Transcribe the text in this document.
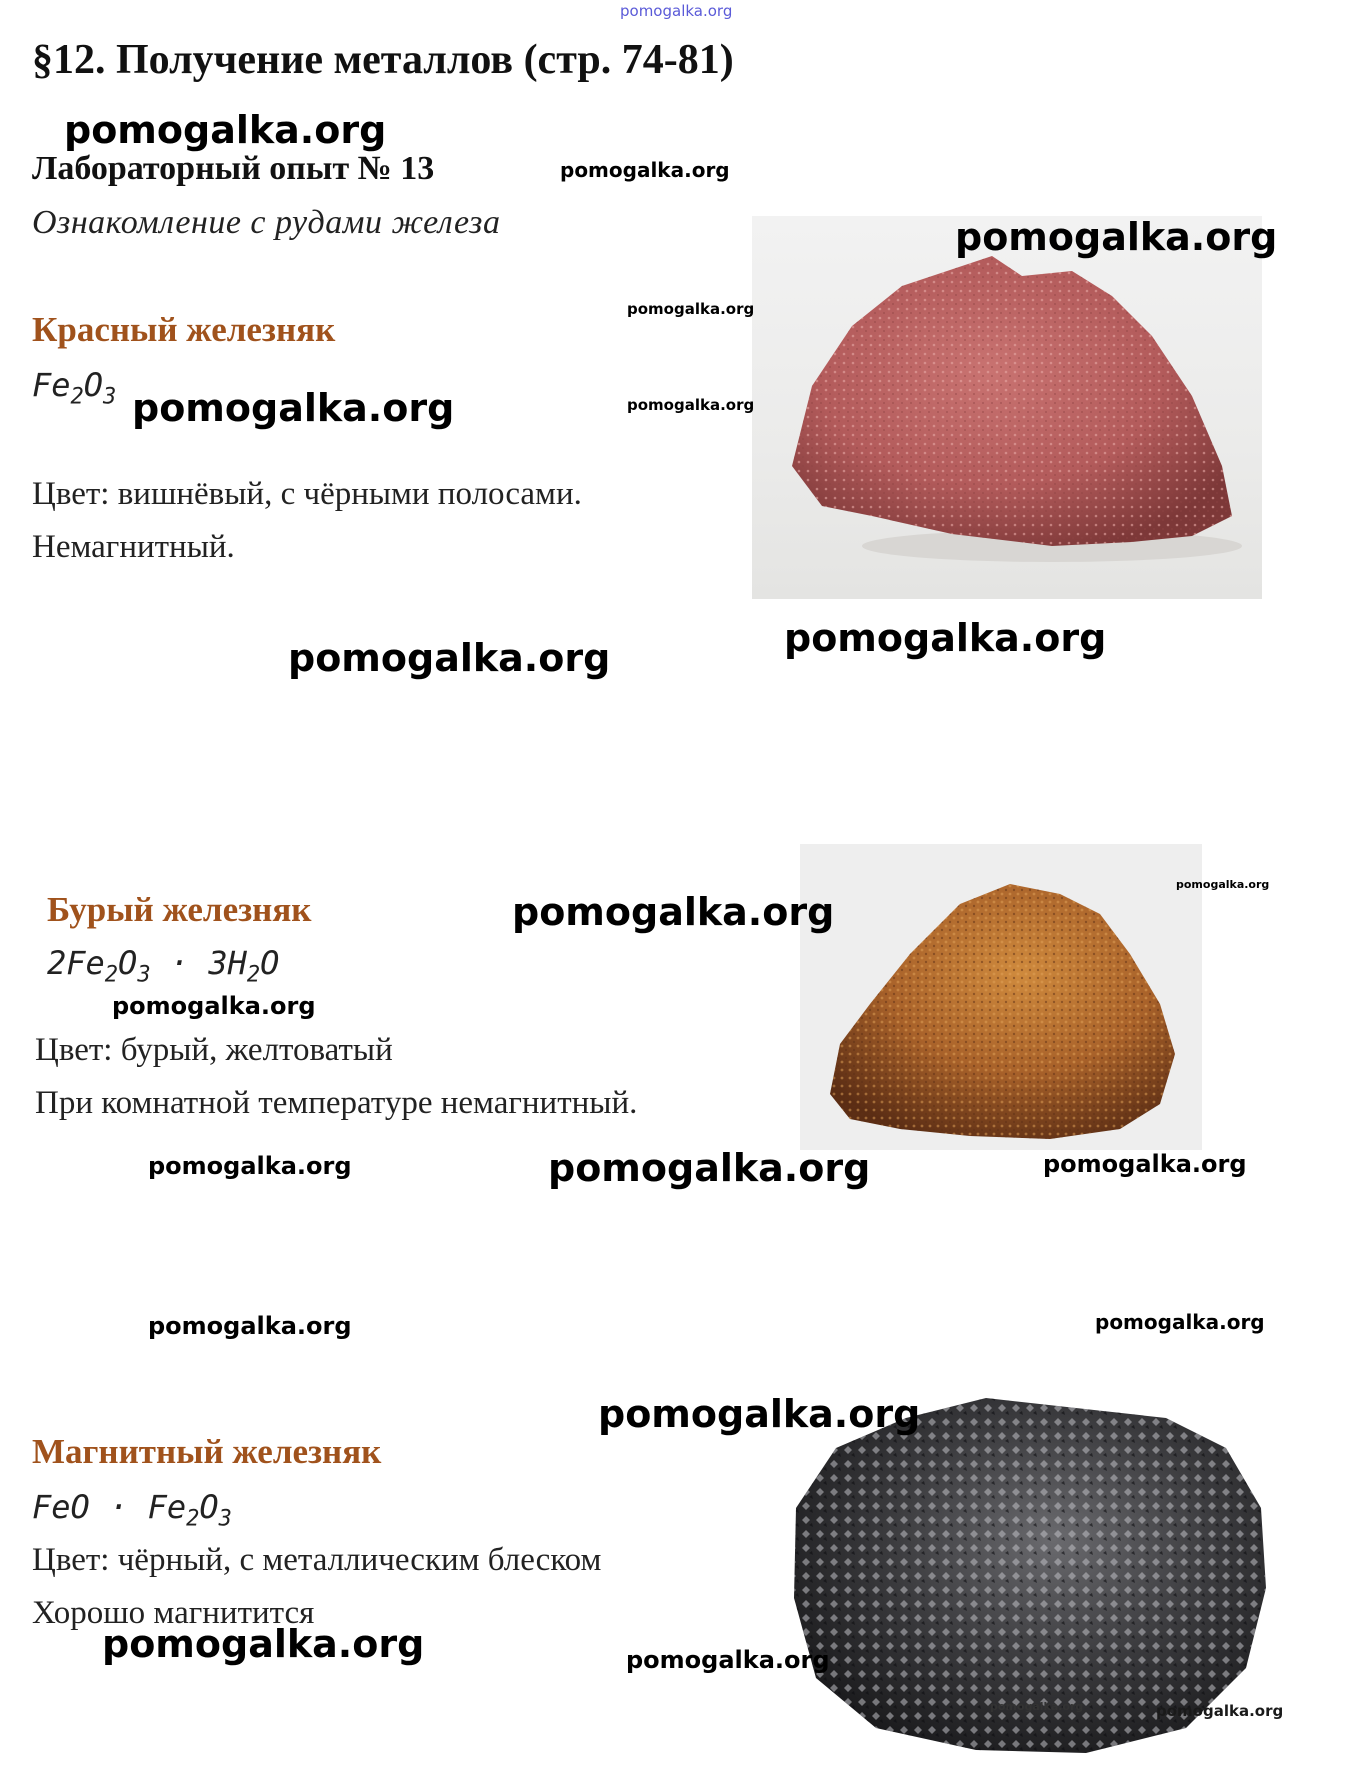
pomogalka.org
§12. Получение металлов (стр. 74-81)
pomogalka.org
Лабораторный опыт № 13	pomogalka.org
Ознакомление с рудами железа	pomogalka.org
pomogalka.org
pomogalka.org
Красный железняк
$Fe_2O_3$ pomogalka.org
Цвет: вишнёвый, с чёрными полосами.
Немагнитный.
pomogalka.org
pomogalka.org
pomogalka.org
Бурый железняк	pomogalka.org
$2Fe_2O_3 \cdot 3H_2O$
pomogalka.org
Цвет: бурый, желтоватый
При комнатной температуре немагнитный.
pomogalka.org	pomogalka.org	pomogalka.org
pomogalka.org	pomogalka.org
pomogalka.org
Магнитный железняк
FeO · $Fe_2O_3$
Цвет: чёрный, с металлическим блеском
Хорошо магнитится
pomogalka.org	pomogalka.org
pomogalka.org	pomogalka.org
